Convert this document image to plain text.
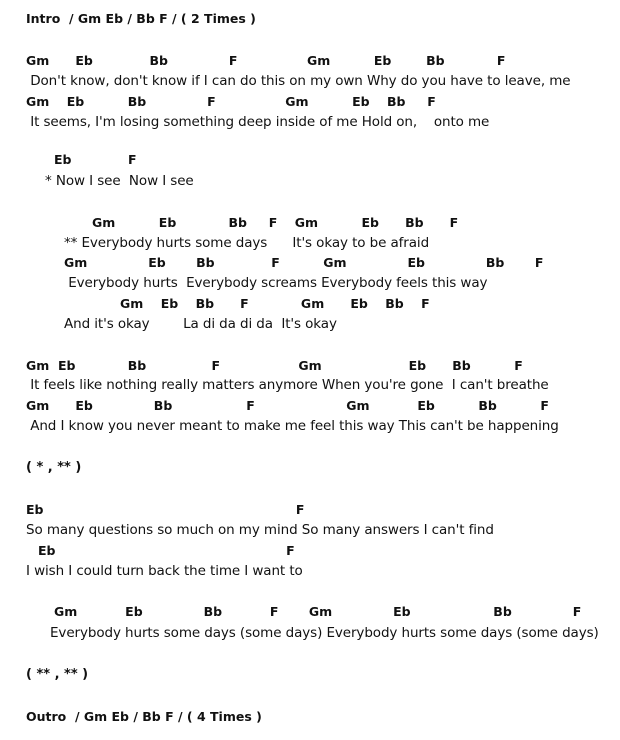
Intro  / Gm Eb / Bb F / ( 2 Times )
Gm      Eb             Bb              F                Gm          Eb        Bb            F
Don't know, don't know if I can do this on my own Why do you have to leave, me
Gm    Eb          Bb              F                Gm          Eb    Bb     F
It seems, I'm losing something deep inside of me Hold on,    onto me
Eb             F
* Now I see  Now I see
Gm          Eb            Bb     F    Gm          Eb      Bb      F
** Everybody hurts some days      It's okay to be afraid
Gm              Eb       Bb             F          Gm              Eb              Bb       F
Everybody hurts  Everybody screams Everybody feels this way
Gm    Eb    Bb      F            Gm      Eb    Bb    F
And it's okay        La di da di da  It's okay
Gm  Eb            Bb               F                  Gm                    Eb      Bb          F
It feels like nothing really matters anymore When you're gone  I can't breathe
Gm      Eb              Bb                 F                     Gm           Eb          Bb          F
And I know you never meant to make me feel this way This can't be happening
( * , ** )
Eb                                                          F
So many questions so much on my mind So many answers I can't find
Eb                                                     F
I wish I could turn back the time I want to
Gm           Eb              Bb           F       Gm              Eb                   Bb              F
Everybody hurts some days (some days) Everybody hurts some days (some days)
( ** , ** )
Outro  / Gm Eb / Bb F / ( 4 Times )
